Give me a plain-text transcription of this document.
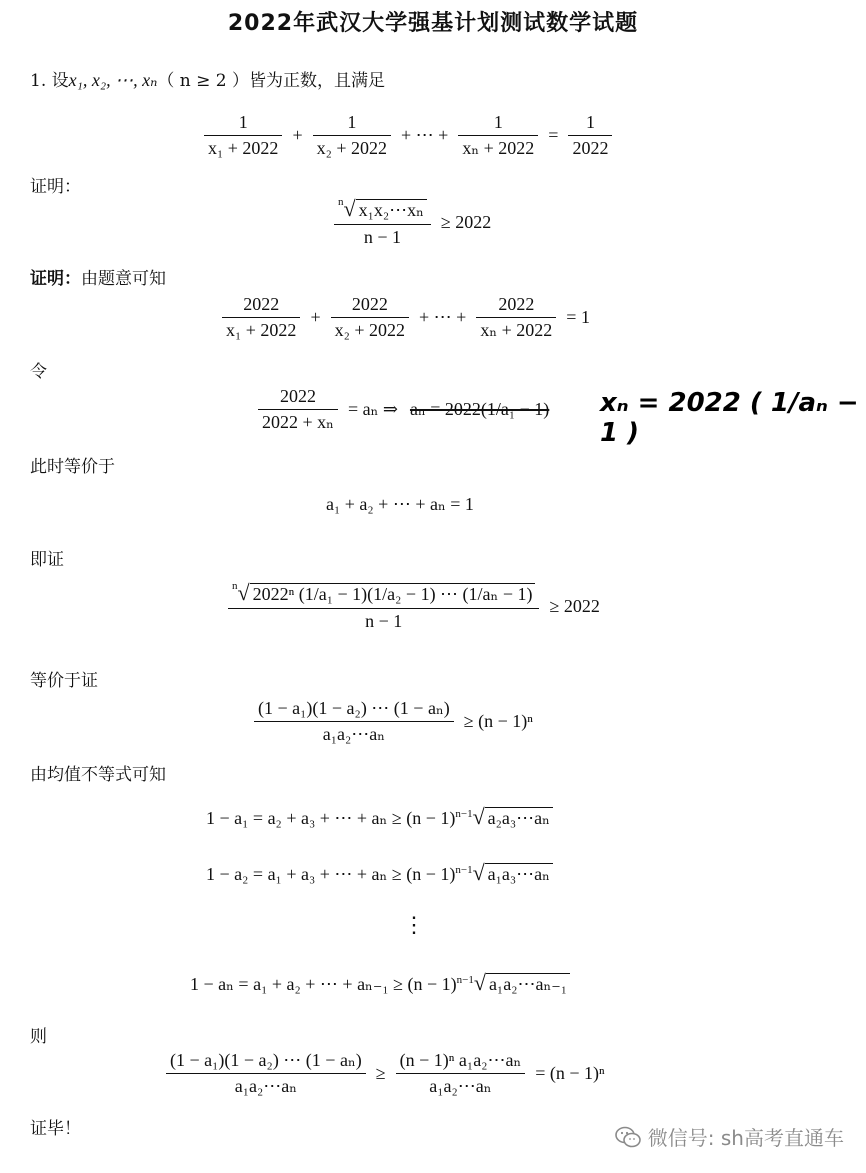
2022年武汉大学强基计划测试数学试题
1. 设x₁, x₂, ⋯, xₙ（ n ≥ 2 ）皆为正数，且满足
$\frac{1}{\text{x₁ + 2022}} + \frac{1}{\text{x₂ + 2022}}$ + ⋯ + $\frac{1}{\text{xₙ + 2022}} = \frac{1}{2022}$
证明：
$\frac{^n√ x_1x_2\cdots x_n}{n - 1} \ge 2022$
证明：由题意可知
$\frac{2022}{\text{x₁ + 2022}} + \frac{2022}{\text{x₂ + 2022}}$ + ⋯ + $\frac{2022}{\text{xₙ + 2022}} = 1$
令
$\frac{2022}{\text{2022 + xₙ}} = a_n$ ⇒ aₙ = 2022(1/a₁ − 1) xₙ = 2022 ( 1/aₙ − 1 )
此时等价于
a₁ + a₂ + ⋯ + aₙ = 1
即证
$\frac{^n√ 2022^n (1/a_1 - 1)(1/a_2 - 1) \cdots (1/a_n - 1)}{n - 1} \ge 2022$
等价于证
$\frac{\text{(1 − a₁)(1 − a₂) ⋯ (1 − aₙ)}}{\text{a₁a₂⋯aₙ}} \ge (n - 1)^n$
由均值不等式可知
1 − a₁ = a₂ + a₃ + ⋯ + $a_n \ge (n - 1)^{n-1}√$ a₂a₃⋯aₙ
1 − a₂ = a₁ + a₃ + ⋯ + $a_n \ge (n - 1)^{n-1}√$ a₁a₃⋯aₙ
⋮
1 − aₙ = a₁ + a₂ + ⋯ + $a_{n-1} \ge (n - 1)^{n-1}√$ a₁a₂⋯aₙ₋₁
则
$\frac{\text{(1 − a₁)(1 − a₂) ⋯ (1 − aₙ)}}{\text{a₁a₂⋯aₙ}} \ge \frac{\text{(n − 1)ⁿ a₁a₂⋯aₙ}}{\text{a₁a₂⋯aₙ}} = (n - 1)^n$
证毕！	微信号: sh高考直通车
